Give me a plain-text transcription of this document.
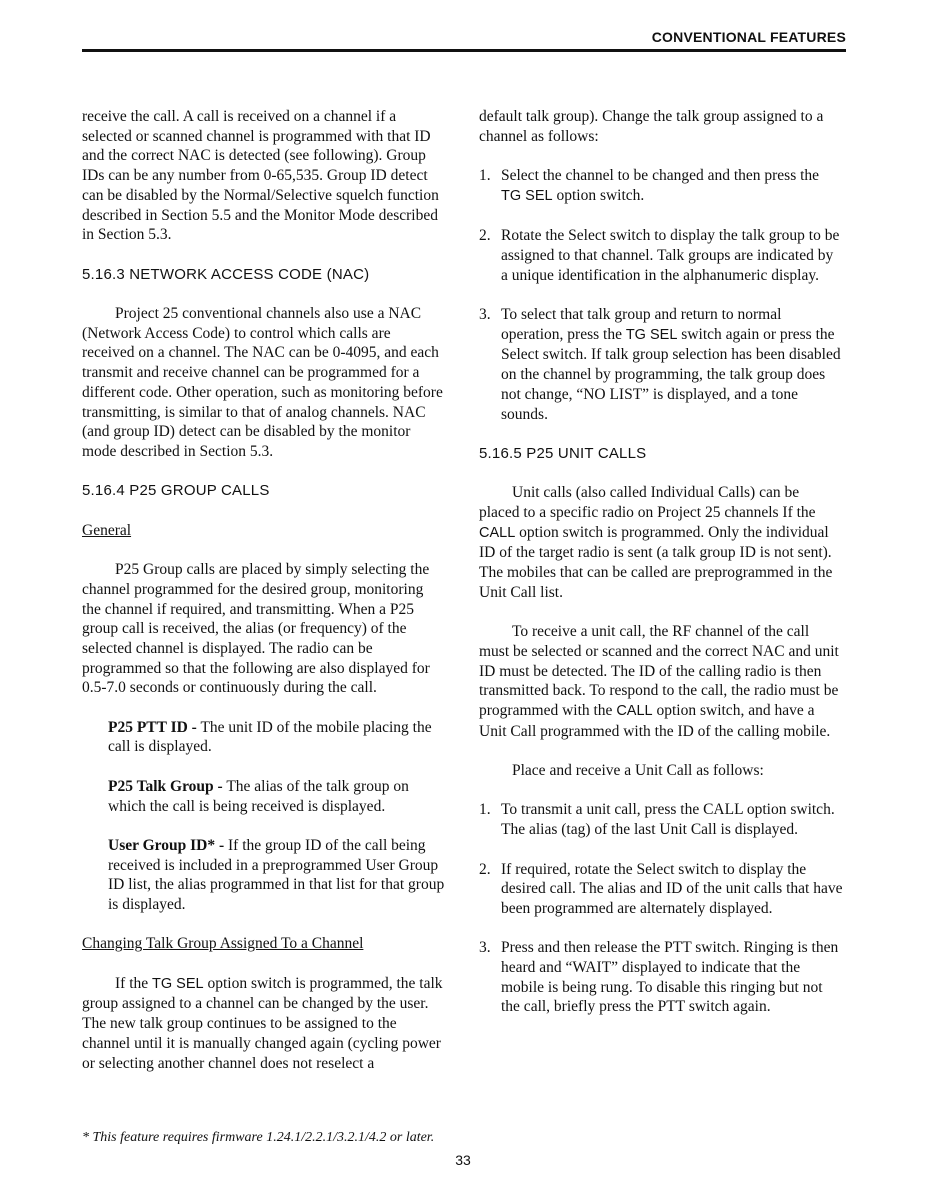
CONVENTIONAL FEATURES

receive the call. A call is received on a channel if a selected or scanned channel is programmed with that ID and the correct NAC is detected (see following). Group IDs can be any number from 0-65,535. Group ID detect can be disabled by the Normal/Selective squelch function described in Section 5.5 and the Monitor Mode described in Section 5.3.

5.16.3 NETWORK ACCESS CODE (NAC)

Project 25 conventional channels also use a NAC (Network Access Code) to control which calls are received on a channel. The NAC can be 0-4095, and each transmit and receive channel can be programmed for a different code. Other operation, such as monitoring before transmitting, is similar to that of analog channels. NAC (and group ID) detect can be disabled by the monitor mode described in Section 5.3.

5.16.4 P25 GROUP CALLS

General

P25 Group calls are placed by simply selecting the channel programmed for the desired group, monitoring the channel if required, and transmitting. When a P25 group call is received, the alias (or frequency) of the selected channel is displayed. The radio can be programmed so that the following are also displayed for 0.5-7.0 seconds or continuously during the call.

P25 PTT ID - The unit ID of the mobile placing the call is displayed.

P25 Talk Group - The alias of the talk group on which the call is being received is displayed.

User Group ID* - If the group ID of the call being received is included in a preprogrammed User Group ID list, the alias programmed in that list for that group is displayed.

Changing Talk Group Assigned To a Channel

If the TG SEL option switch is programmed, the talk group assigned to a channel can be changed by the user. The new talk group continues to be assigned to the channel until it is manually changed again (cycling power or selecting another channel does not reselect a

default talk group). Change the talk group assigned to a channel as follows:

1. Select the channel to be changed and then press the TG SEL option switch.
2. Rotate the Select switch to display the talk group to be assigned to that channel. Talk groups are indicated by a unique identification in the alphanumeric display.
3. To select that talk group and return to normal operation, press the TG SEL switch again or press the Select switch. If talk group selection has been disabled on the channel by programming, the talk group does not change, “NO LIST” is displayed, and a tone sounds.
5.16.5 P25 UNIT CALLS

Unit calls (also called Individual Calls) can be placed to a specific radio on Project 25 channels If the CALL option switch is programmed. Only the individual ID of the target radio is sent (a talk group ID is not sent). The mobiles that can be called are preprogrammed in the Unit Call list.

To receive a unit call, the RF channel of the call must be selected or scanned and the correct NAC and unit ID must be detected. The ID of the calling radio is then transmitted back. To respond to the call, the radio must be programmed with the CALL option switch, and have a Unit Call programmed with the ID of the calling mobile.

Place and receive a Unit Call as follows:

1. To transmit a unit call, press the CALL option switch. The alias (tag) of the last Unit Call is displayed.
2. If required, rotate the Select switch to display the desired call. The alias and ID of the unit calls that have been programmed are alternately displayed.
3. Press and then release the PTT switch. Ringing is then heard and “WAIT” displayed to indicate that the mobile is being rung. To disable this ringing but not the call, briefly press the PTT switch again.
* This feature requires firmware 1.24.1/2.2.1/3.2.1/4.2 or later.
33
